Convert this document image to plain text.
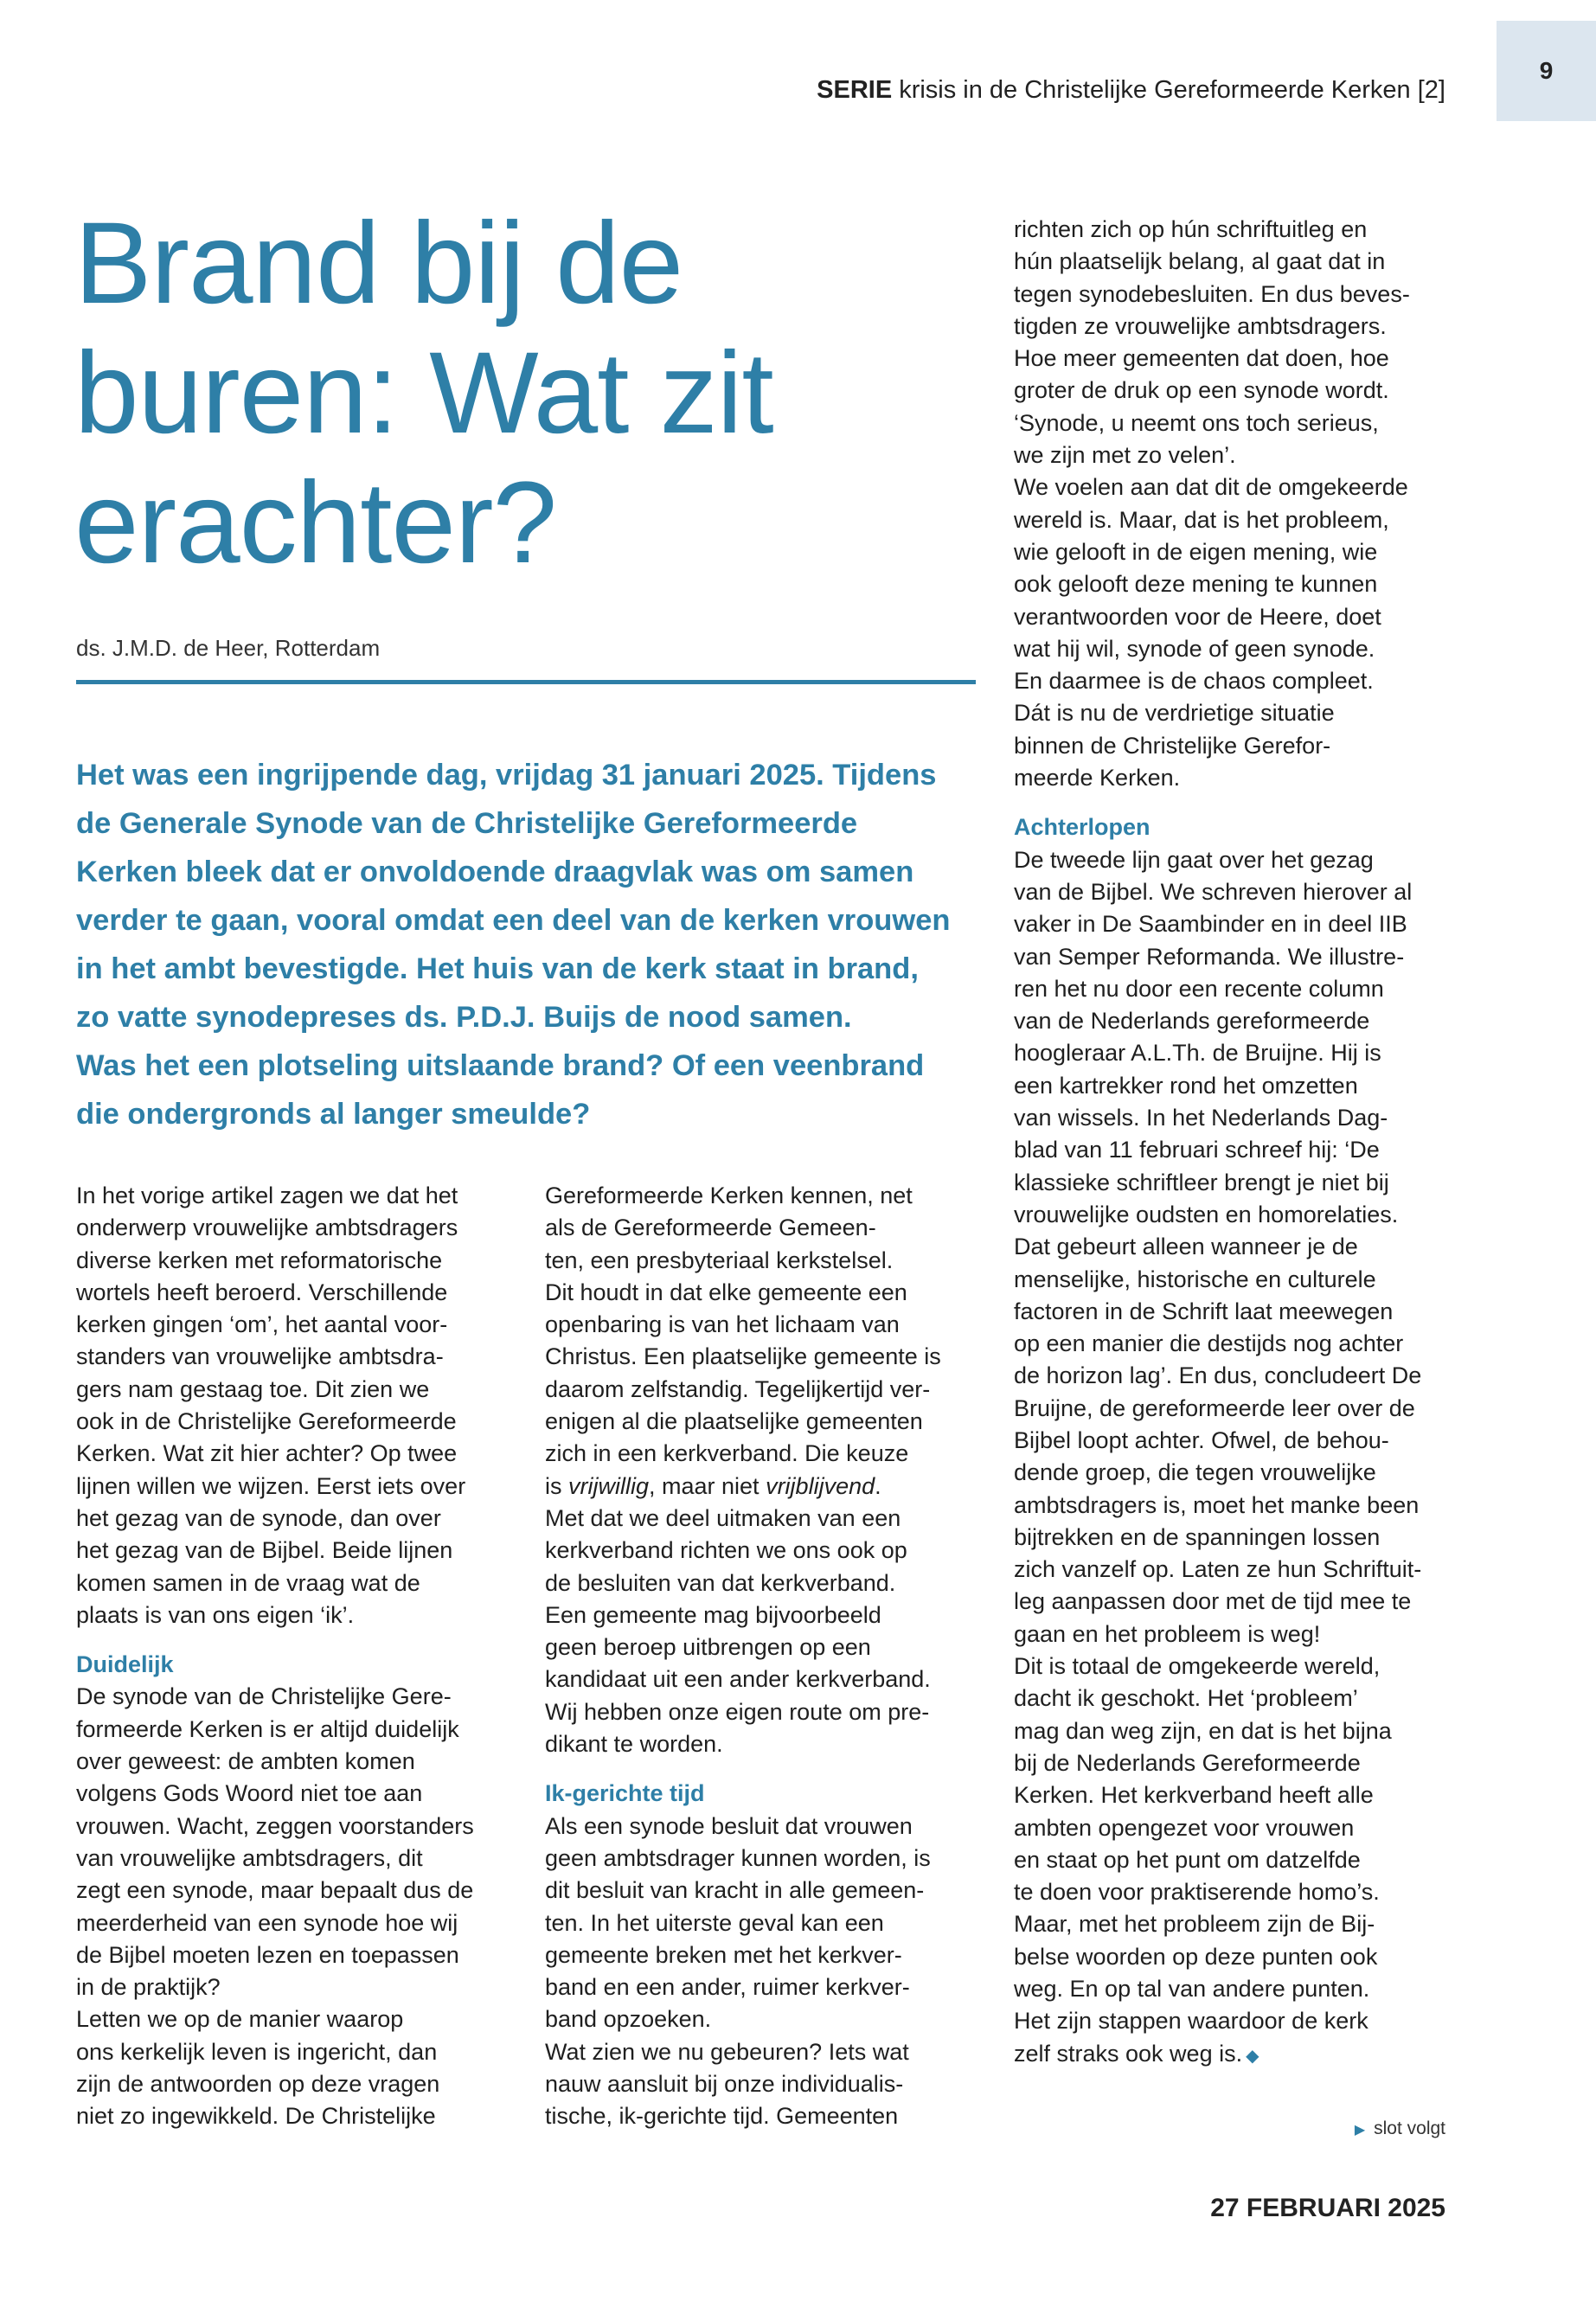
SERIE krisis in de Christelijke Gereformeerde Kerken [2]
9
Brand bij de buren: Wat zit erachter?
ds. J.M.D. de Heer, Rotterdam

Het was een ingrijpende dag, vrijdag 31 januari 2025. Tijdens
de Generale Synode van de Christelijke Gereformeerde
Kerken bleek dat er onvoldoende draagvlak was om samen
verder te gaan, vooral omdat een deel van de kerken vrouwen
in het ambt bevestigde. Het huis van de kerk staat in brand,
zo vatte synodepreses ds. P.D.J. Buijs de nood samen.
Was het een plotseling uitslaande brand? Of een veenbrand
die ondergronds al langer smeulde?

In het vorige artikel zagen we dat het
onderwerp vrouwelijke ambtsdragers
diverse kerken met reformatorische
wortels heeft beroerd. Verschillende
kerken gingen ‘om’, het aantal voor-
standers van vrouwelijke ambtsdra-
gers nam gestaag toe. Dit zien we
ook in de Christelijke Gereformeerde
Kerken. Wat zit hier achter? Op twee
lijnen willen we wijzen. Eerst iets over
het gezag van de synode, dan over
het gezag van de Bijbel. Beide lijnen
komen samen in de vraag wat de
plaats is van ons eigen ‘ik’.
Duidelijk
De synode van de Christelijke Gere-
formeerde Kerken is er altijd duidelijk
over geweest: de ambten komen
volgens Gods Woord niet toe aan
vrouwen. Wacht, zeggen voorstanders
van vrouwelijke ambtsdragers, dit
zegt een synode, maar bepaalt dus de
meerderheid van een synode hoe wij
de Bijbel moeten lezen en toepassen
in de praktijk?
Letten we op de manier waarop
ons kerkelijk leven is ingericht, dan
zijn de antwoorden op deze vragen
niet zo ingewikkeld. De Christelijke
Gereformeerde Kerken kennen, net
als de Gereformeerde Gemeen-
ten, een presbyteriaal kerkstelsel.
Dit houdt in dat elke gemeente een
openbaring is van het lichaam van
Christus. Een plaatselijke gemeente is
daarom zelfstandig. Tegelijkertijd ver-
enigen al die plaatselijke gemeenten
zich in een kerkverband. Die keuze
is vrijwillig, maar niet vrijblijvend.
Met dat we deel uitmaken van een
kerkverband richten we ons ook op
de besluiten van dat kerkverband.
Een gemeente mag bijvoorbeeld
geen beroep uitbrengen op een
kandidaat uit een ander kerkverband.
Wij hebben onze eigen route om pre-
dikant te worden.
Ik-gerichte tijd
Als een synode besluit dat vrouwen
geen ambtsdrager kunnen worden, is
dit besluit van kracht in alle gemeen-
ten. In het uiterste geval kan een
gemeente breken met het kerkver-
band en een ander, ruimer kerkver-
band opzoeken.
Wat zien we nu gebeuren? Iets wat
nauw aansluit bij onze individualis-
tische, ik-gerichte tijd. Gemeenten
richten zich op hún schriftuitleg en
hún plaatselijk belang, al gaat dat in
tegen synodebesluiten. En dus beves-
tigden ze vrouwelijke ambtsdragers.
Hoe meer gemeenten dat doen, hoe
groter de druk op een synode wordt.
‘Synode, u neemt ons toch serieus,
we zijn met zo velen’.
We voelen aan dat dit de omgekeerde
wereld is. Maar, dat is het probleem,
wie gelooft in de eigen mening, wie
ook gelooft deze mening te kunnen
verantwoorden voor de Heere, doet
wat hij wil, synode of geen synode.
En daarmee is de chaos compleet.
Dát is nu de verdrietige situatie
binnen de Christelijke Gerefor-
meerde Kerken.
Achterlopen
De tweede lijn gaat over het gezag
van de Bijbel. We schreven hierover al
vaker in De Saambinder en in deel IIB
van Semper Reformanda. We illustre-
ren het nu door een recente column
van de Nederlands gereformeerde
hoogleraar A.L.Th. de Bruijne. Hij is
een kartrekker rond het omzetten
van wissels. In het Nederlands Dag-
blad van 11 februari schreef hij: ‘De
klassieke schriftleer brengt je niet bij
vrouwelijke oudsten en homorelaties.
Dat gebeurt alleen wanneer je de
menselijke, historische en culturele
factoren in de Schrift laat meewegen
op een manier die destijds nog achter
de horizon lag’. En dus, concludeert De
Bruijne, de gereformeerde leer over de
Bijbel loopt achter. Ofwel, de behou-
dende groep, die tegen vrouwelijke
ambtsdragers is, moet het manke been
bijtrekken en de spanningen lossen
zich vanzelf op. Laten ze hun Schriftuit-
leg aanpassen door met de tijd mee te
gaan en het probleem is weg!
Dit is totaal de omgekeerde wereld,
dacht ik geschokt. Het ‘probleem’
mag dan weg zijn, en dat is het bijna
bij de Nederlands Gereformeerde
Kerken. Het kerkverband heeft alle
ambten opengezet voor vrouwen
en staat op het punt om datzelfde
te doen voor praktiserende homo’s.
Maar, met het probleem zijn de Bij-
belse woorden op deze punten ook
weg. En op tal van andere punten.
Het zijn stappen waardoor de kerk
zelf straks ook weg is. ◆
▶ slot volgt
27 FEBRUARI 2025
